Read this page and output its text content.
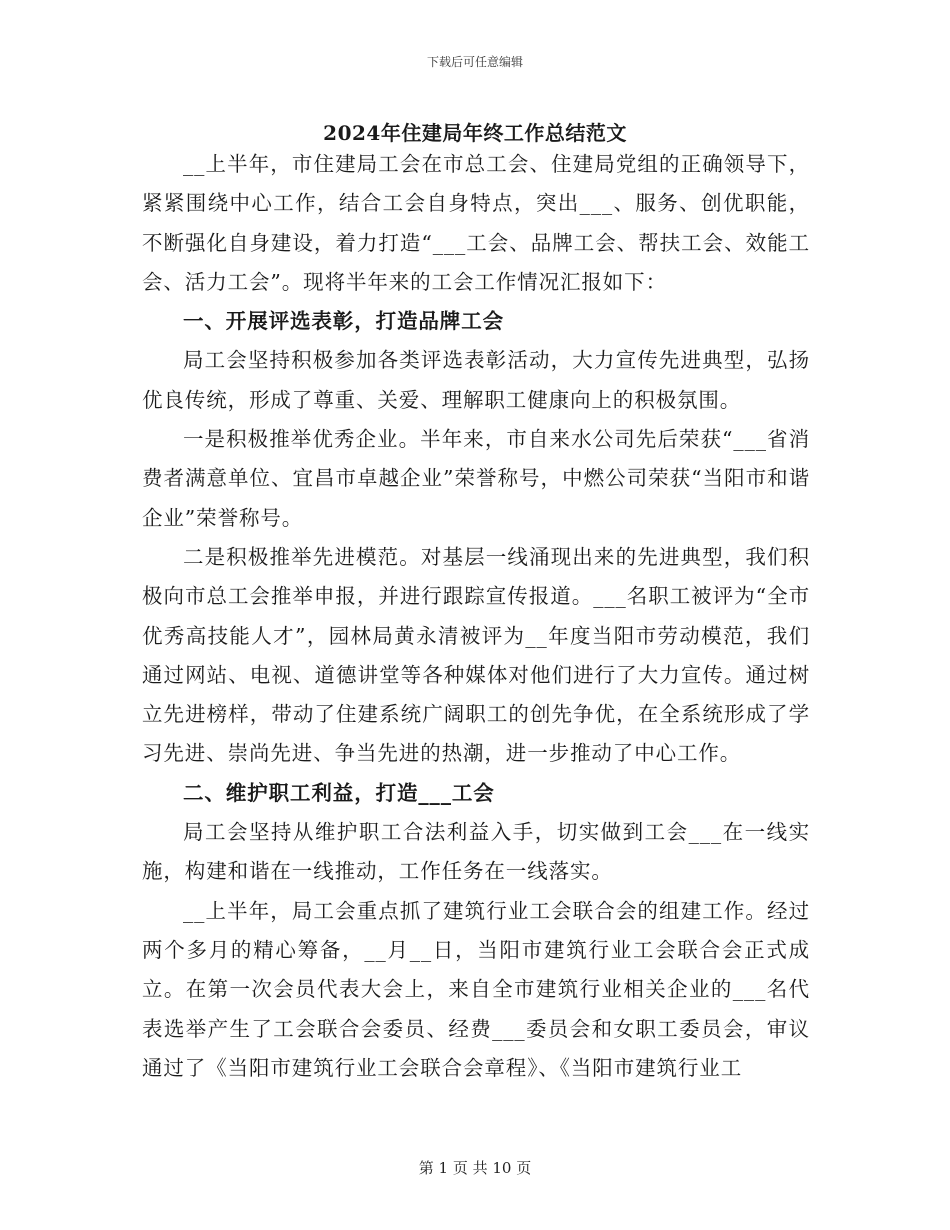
下载后可任意编辑
2024年住建局年终工作总结范文

__上半年，市住建局工会在市总工会、住建局党组的正确领导下，紧紧围绕中心工作，结合工会自身特点，突出___、服务、创优职能，不断强化自身建设，着力打造“___工会、品牌工会、帮扶工会、效能工会、活力工会”。现将半年来的工会工作情况汇报如下：

一、开展评选表彰，打造品牌工会

局工会坚持积极参加各类评选表彰活动，大力宣传先进典型，弘扬优良传统，形成了尊重、关爱、理解职工健康向上的积极氛围。

一是积极推举优秀企业。半年来，市自来水公司先后荣获“___省消费者满意单位、宜昌市卓越企业”荣誉称号，中燃公司荣获“当阳市和谐企业”荣誉称号。

二是积极推举先进模范。对基层一线涌现出来的先进典型，我们积极向市总工会推举申报，并进行跟踪宣传报道。___名职工被评为“全市优秀高技能人才”，园林局黄永清被评为__年度当阳市劳动模范，我们通过网站、电视、道德讲堂等各种媒体对他们进行了大力宣传。通过树立先进榜样，带动了住建系统广阔职工的创先争优，在全系统形成了学习先进、崇尚先进、争当先进的热潮，进一步推动了中心工作。

二、维护职工利益，打造___工会

局工会坚持从维护职工合法利益入手，切实做到工会___在一线实施，构建和谐在一线推动，工作任务在一线落实。

__上半年，局工会重点抓了建筑行业工会联合会的组建工作。经过两个多月的精心筹备，__月__日，当阳市建筑行业工会联合会正式成立。在第一次会员代表大会上，来自全市建筑行业相关企业的___名代表选举产生了工会联合会委员、经费___委员会和女职工委员会，审议通过了《当阳市建筑行业工会联合会章程》、《当阳市建筑行业工

第 1 页 共 10 页
